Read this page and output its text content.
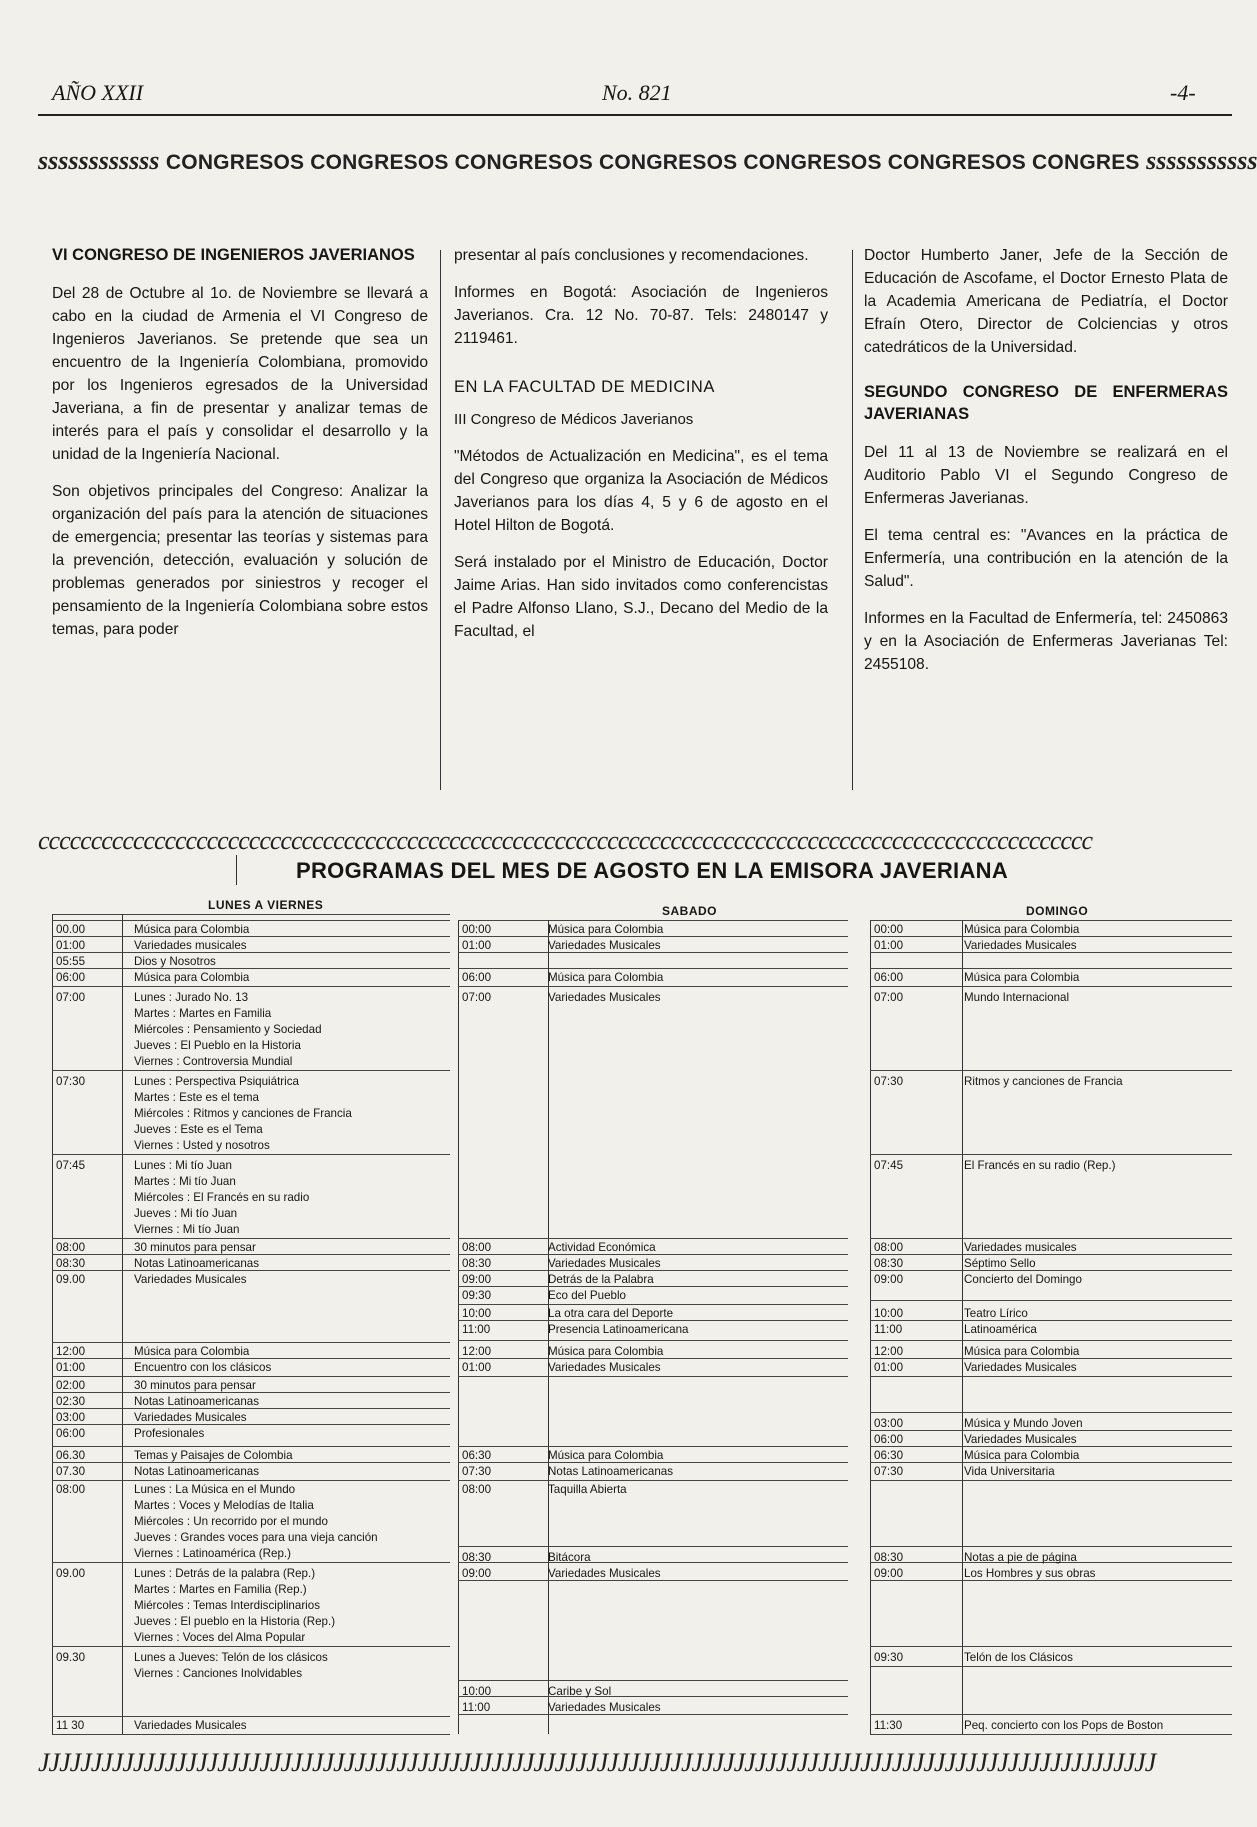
AÑO XXII	No. 821	-4-
ssssssssssss CONGRESOS CONGRESOS CONGRESOS CONGRESOS CONGRESOS CONGRESOS CONGRES sssssssssss

VI CONGRESO DE INGENIEROS JAVERIANOS

Del 28 de Octubre al 1o. de Noviembre se llevará a cabo en la ciudad de Armenia el VI Congreso de Ingenieros Javerianos. Se pretende que sea un encuentro de la Ingeniería Colombiana, promovido por los Ingenieros egresados de la Universidad Javeriana, a fin de presentar y analizar temas de interés para el país y consolidar el desarrollo y la unidad de la Ingeniería Nacional.

Son objetivos principales del Congreso: Analizar la organización del país para la atención de situaciones de emergencia; presentar las teorías y sistemas para la prevención, detección, evaluación y solución de problemas generados por siniestros y recoger el pensamiento de la Ingeniería Colombiana sobre estos temas, para poder

presentar al país conclusiones y recomendaciones.

Informes en Bogotá: Asociación de Ingenieros Javerianos. Cra. 12 No. 70-87. Tels: 2480147 y 2119461.

EN LA FACULTAD DE MEDICINA

III Congreso de Médicos Javerianos

"Métodos de Actualización en Medicina", es el tema del Congreso que organiza la Asociación de Médicos Javerianos para los días 4, 5 y 6 de agosto en el Hotel Hilton de Bogotá.

Será instalado por el Ministro de Educación, Doctor Jaime Arias. Han sido invitados como conferencistas el Padre Alfonso Llano, S.J., Decano del Medio de la Facultad, el

Doctor Humberto Janer, Jefe de la Sección de Educación de Ascofame, el Doctor Ernesto Plata de la Academia Americana de Pediatría, el Doctor Efraín Otero, Director de Colciencias y otros catedráticos de la Universidad.

SEGUNDO CONGRESO DE ENFERMERAS JAVERIANAS

Del 11 al 13 de Noviembre se realizará en el Auditorio Pablo VI el Segundo Congreso de Enfermeras Javerianas.

El tema central es: "Avances en la práctica de Enfermería, una contribución en la atención de la Salud".

Informes en la Facultad de Enfermería, tel: 2450863 y en la Asociación de Enfermeras Javerianas Tel: 2455108.

cccccccccccccccccccccccccccccccccccccccccccccccccccccccccccccccccccccccccccccccccccccccccccccccccccc
PROGRAMAS DEL MES DE AGOSTO EN LA EMISORA JAVERIANA
LUNES A VIERNES
00.00	Música para Colombia
01:00	Variedades musicales
05:55	Dios y Nosotros
06:00	Música para Colombia
07:00	Lunes : Jurado No. 13
Martes : Martes en Familia
Miércoles : Pensamiento y Sociedad
Jueves : El Pueblo en la Historia
Viernes : Controversia Mundial
07:30	Lunes : Perspectiva Psiquiátrica
Martes : Este es el tema
Miércoles : Ritmos y canciones de Francia
Jueves : Este es el Tema
Viernes : Usted y nosotros
07:45	Lunes : Mi tío Juan
Martes : Mi tío Juan
Miércoles : El Francés en su radio
Jueves : Mi tío Juan
Viernes : Mi tío Juan
08:00	30 minutos para pensar
08:30	Notas Latinoamericanas
09.00	Variedades Musicales
12:00	Música para Colombia
01:00	Encuentro con los clásicos
02:00	30 minutos para pensar
02:30	Notas Latinoamericanas
03:00	Variedades Musicales
06:00	Profesionales
06.30	Temas y Paisajes de Colombia
07.30	Notas Latinoamericanas
08:00	Lunes : La Música en el Mundo
Martes : Voces y Melodías de Italia
Miércoles : Un recorrido por el mundo
Jueves : Grandes voces para una vieja canción
Viernes : Latinoamérica (Rep.)
09.00	Lunes : Detrás de la palabra (Rep.)
Martes : Martes en Familia (Rep.)
Miércoles : Temas Interdisciplinarios
Jueves : El pueblo en la Historia (Rep.)
Viernes : Voces del Alma Popular
09.30	Lunes a Jueves: Telón de los clásicos
Viernes : Canciones Inolvidables
11 30	Variedades Musicales
SABADO
00:00	Música para Colombia
01:00	Variedades Musicales
06:00	Música para Colombia
07:00	Variedades Musicales
08:00	Actividad Económica
08:30	Variedades Musicales
09:00	Detrás de la Palabra
09:30	Eco del Pueblo
10:00	La otra cara del Deporte
11:00	Presencia Latinoamericana
12:00	Música para Colombia
01:00	Variedades Musicales
06:30	Música para Colombia
07:30	Notas Latinoamericanas
08:00	Taquilla Abierta
08:30	Bitácora
09:00	Variedades Musicales
10:00	Caribe y Sol
11:00	Variedades Musicales
DOMINGO
00:00	Música para Colombia
01:00	Variedades Musicales
06:00	Música para Colombia
07:00	Mundo Internacional
07:30	Ritmos y canciones de Francia
07:45	El Francés en su radio (Rep.)
08:00	Variedades musicales
08:30	Séptimo Sello
09:00	Concierto del Domingo
10:00	Teatro Lírico
11:00	Latinoamérica
12:00	Música para Colombia
01:00	Variedades Musicales
03:00	Música y Mundo Joven
06:00	Variedades Musicales
06:30	Música para Colombia
07:30	Vida Universitaria
08:30	Notas a pie de página
09:00	Los Hombres y sus obras
09:30	Telón de los Clásicos
11:30	Peq. concierto con los Pops de Boston
JJJJJJJJJJJJJJJJJJJJJJJJJJJJJJJJJJJJJJJJJJJJJJJJJJJJJJJJJJJJJJJJJJJJJJJJJJJJJJJJJJJJJJJJJJJJJJJJJJJJJJJJJJ
